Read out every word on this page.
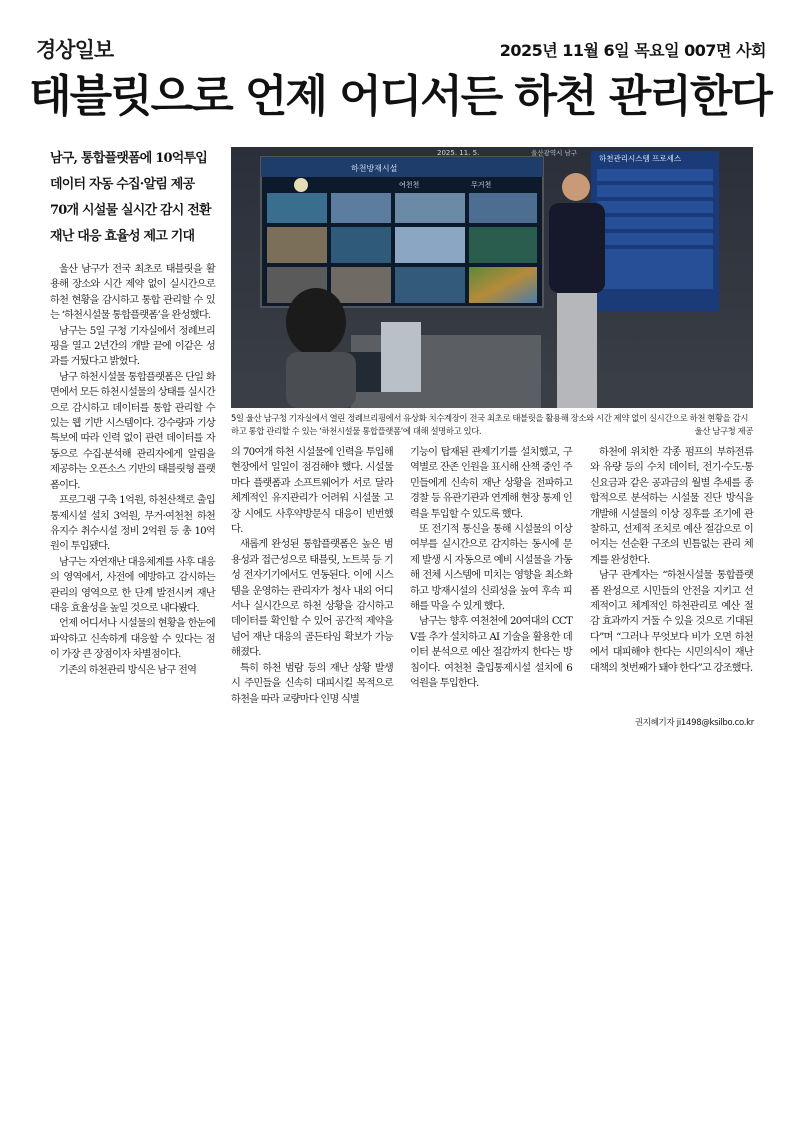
경상일보	2025년 11월 6일 목요일 007면 사회
태블릿으로 언제 어디서든 하천 관리한다
남구, 통합플랫폼에 10억투입
데이터 자동 수집·알림 제공
70개 시설물 실시간 감시 전환
재난 대응 효율성 제고 기대
2025. 11. 5.
하천방재시설
여천천	무거천
하천관리시스템 프로세스
울산광역시 남구
5일 울산 남구청 기자실에서 열린 정례브리핑에서 유상화 치수계장이 전국 최초로 태블릿을 활용해 장소와 시간 제약 없이 실시간으로 하천 현황을 감시하고 통합 관리할 수 있는 ‘하천시설물 통합플랫폼’에 대해 설명하고 있다.	울산 남구청 제공

울산 남구가 전국 최초로 태블릿을 활용해 장소와 시간 제약 없이 실시간으로 하천 현황을 감시하고 통합 관리할 수 있는 ‘하천시설물 통합플랫폼’을 완성했다.

남구는 5일 구청 기자실에서 정례브리핑을 열고 2년간의 개발 끝에 이같은 성과를 거뒀다고 밝혔다.

남구 하천시설물 통합플랫폼은 단일 화면에서 모든 하천시설물의 상태를 실시간으로 감시하고 데이터를 통합 관리할 수 있는 웹 기반 시스템이다. 강수량과 기상특보에 따라 인력 없이 관련 데이터를 자동으로 수집·분석해 관리자에게 알림을 제공하는 오픈소스 기반의 태블릿형 플랫폼이다.

프로그램 구축 1억원, 하천산책로 출입통제시설 설치 3억원, 무거·여천천 하천유지수 취수시설 정비 2억원 등 총 10억원이 투입됐다.

남구는 자연재난 대응체계를 사후 대응의 영역에서, 사전에 예방하고 감시하는 관리의 영역으로 한 단계 발전시켜 재난 대응 효율성을 높일 것으로 내다봤다.

언제 어디서나 시설물의 현황을 한눈에 파악하고 신속하게 대응할 수 있다는 점이 가장 큰 장점이자 차별점이다.

기존의 하천관리 방식은 남구 전역

의 70여개 하천 시설물에 인력을 투입해 현장에서 일일이 점검해야 했다. 시설물마다 플랫폼과 소프트웨어가 서로 달라 체계적인 유지관리가 어려워 시설물 고장 시에도 사후약방문식 대응이 빈번했다.

새롭게 완성된 통합플랫폼은 높은 범용성과 접근성으로 태블릿, 노트북 등 기성 전자기기에서도 연동된다. 이에 시스템을 운영하는 관리자가 청사 내외 어디서나 실시간으로 하천 상황을 감시하고 데이터를 확인할 수 있어 공간적 제약을 넘어 재난 대응의 골든타임 확보가 가능해졌다.

특히 하천 범람 등의 재난 상황 발생 시 주민들을 신속히 대피시킬 목적으로 하천을 따라 교량마다 인명 식별

기능이 탑재된 관제기기를 설치했고, 구역별로 잔존 인원을 표시해 산책 중인 주민들에게 신속히 재난 상황을 전파하고 경찰 등 유관기관과 연계해 현장 통제 인력을 투입할 수 있도록 했다.

또 전기적 통신을 통해 시설물의 이상 여부를 실시간으로 감지하는 동시에 문제 발생 시 자동으로 예비 시설물을 가동해 전체 시스템에 미치는 영향을 최소화하고 방재시설의 신뢰성을 높여 후속 피해를 막을 수 있게 했다.

남구는 향후 여천천에 20여대의 CCTV를 추가 설치하고 AI 기술을 활용한 데이터 분석으로 예산 절감까지 한다는 방침이다. 여천천 출입통제시설 설치에 6억원을 투입한다.

하천에 위치한 각종 펌프의 부하전류와 유량 등의 수치 데이터, 전기·수도·통신요금과 같은 공과금의 월별 추세를 종합적으로 분석하는 시설물 진단 방식을 개발해 시설물의 이상 징후를 조기에 관찰하고, 선제적 조치로 예산 절감으로 이어지는 선순환 구조의 빈틈없는 관리 체계를 완성한다.

남구 관계자는 “하천시설물 통합플랫폼 완성으로 시민들의 안전을 지키고 선제적이고 체계적인 하천관리로 예산 절감 효과까지 거둘 수 있을 것으로 기대된다”며 “그러나 무엇보다 비가 오면 하천에서 대피해야 한다는 시민의식이 재난 대책의 첫번째가 돼야 한다”고 강조했다.

권지혜기자 ji1498@ksilbo.co.kr
